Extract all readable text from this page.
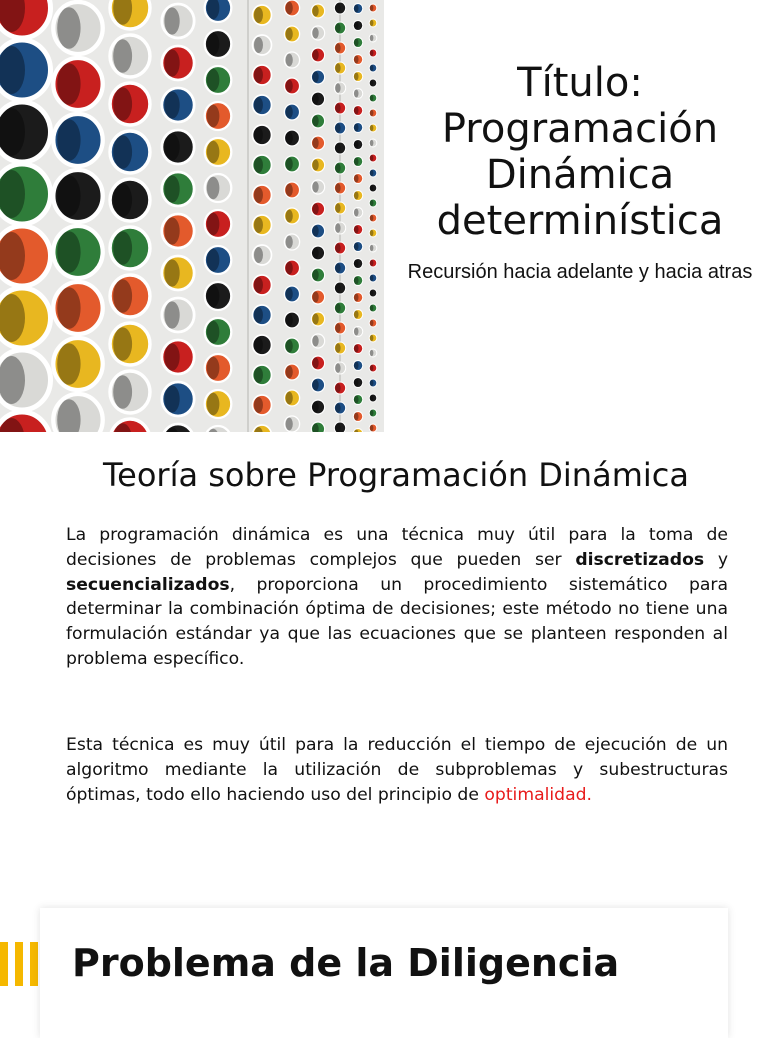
Título: Programación Dinámica determinística
Recursión hacia adelante y hacia atras
Teoría sobre Programación Dinámica

La programación dinámica es una técnica muy útil para la toma de decisiones de problemas complejos que pueden ser discretizados y secuencializados, proporciona un procedimiento sistemático para determinar la combinación óptima de decisiones; este método no tiene una formulación estándar ya que las ecuaciones que se planteen responden al problema específico.

Esta técnica es muy útil para la reducción el tiempo de ejecución de un algoritmo mediante la utilización de subproblemas y subestructuras óptimas, todo ello haciendo uso del principio de optimalidad.

Problema de la Diligencia
